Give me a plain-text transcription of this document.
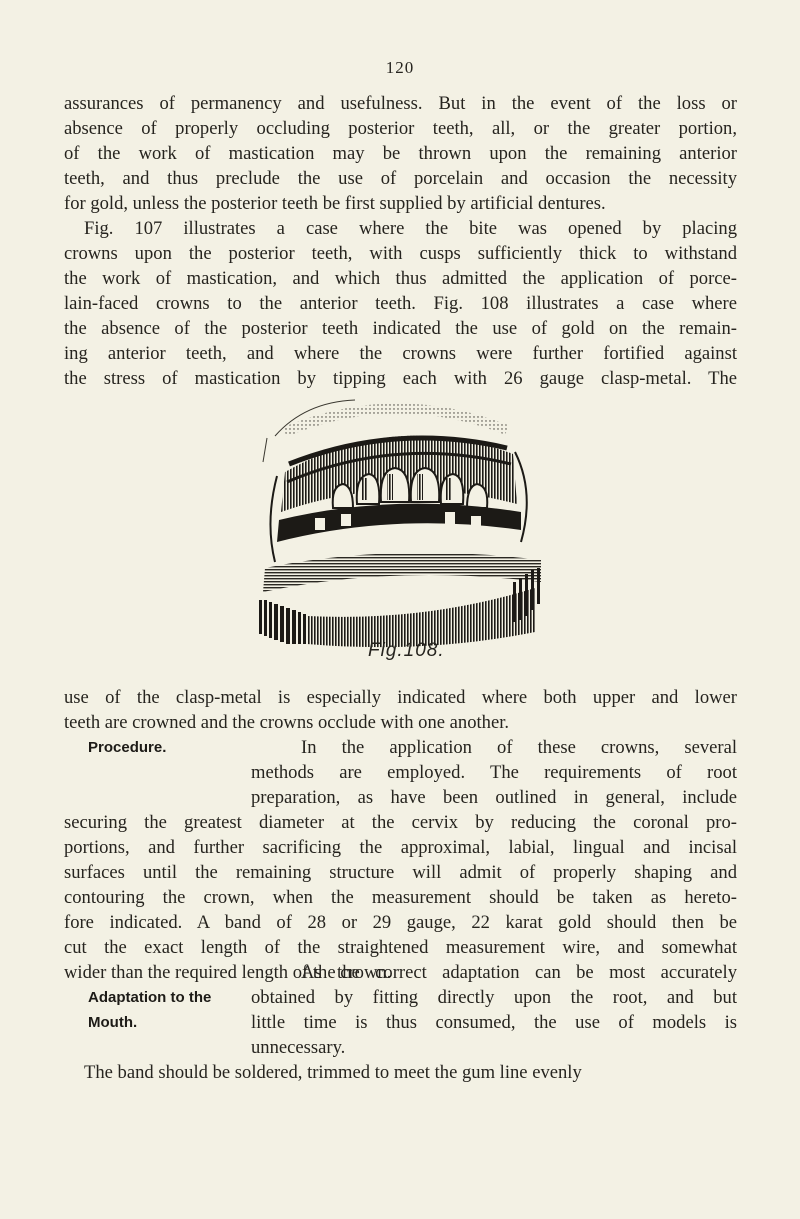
120

assurances of permanency and usefulness. But in the event of the loss or
absence of properly occluding posterior teeth, all, or the greater portion,
of the work of mastication may be thrown upon the remaining anterior
teeth, and thus preclude the use of porcelain and occasion the necessity
for gold, unless the posterior teeth be first supplied by artificial dentures.
Fig. 107 illustrates a case where the bite was opened by placing
crowns upon the posterior teeth, with cusps sufficiently thick to withstand
the work of mastication, and which thus admitted the application of porce-
lain-faced crowns to the anterior teeth. Fig. 108 illustrates a case where
the absence of the posterior teeth indicated the use of gold on the remain-
ing anterior teeth, and where the crowns were further fortified against
the stress of mastication by tipping each with 26 gauge clasp-metal. The

Fig.108.

use of the clasp-metal is especially indicated where both upper and lower
teeth are crowned and the crowns occlude with one another.

Procedure.	In the application of these crowns, several
methods are employed. The requirements of root
preparation, as have been outlined in general, include

securing the greatest diameter at the cervix by reducing the coronal pro-
portions, and further sacrificing the approximal, labial, lingual and incisal
surfaces until the remaining structure will admit of properly shaping and
contouring the crown, when the measurement should be taken as hereto-
fore indicated. A band of 28 or 29 gauge, 22 karat gold should then be
cut the exact length of the straightened measurement wire, and somewhat
wider than the required length of the crown.

Adaptation to the
Mouth.

As the correct adaptation can be most accurately
obtained by fitting directly upon the root, and but
little time is thus consumed, the use of models is
unnecessary.

The band should be soldered, trimmed to meet the gum line evenly
